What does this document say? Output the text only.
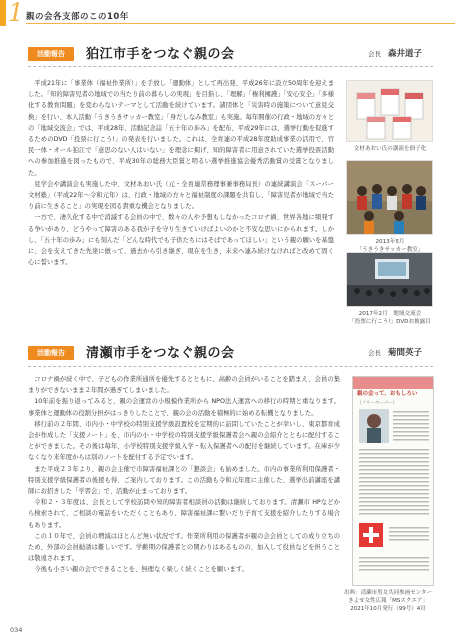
1 親の会各支部のこの10年
活動報告	狛江市手をつなぐ親の会	会長 森井道子

平成21年に「事業体（福祉作業所）」を手放し「運動体」として再出発、平成26年に設立50周年を迎えました。「知的障害児者の地域での当たり前の暮らしの実現」を目指し、「理解」「権利擁護」「安心安全」「多様化する教育問題」を変わらないテーマとして活動を続けています。諸団体と「災害時の施策について意見交換」を行い、本人活動「うきうきサッカー教室」「身だしなみ教室」も実施。毎年開催の行政・地域の方々との「地域交流会」では、平成28年、活動記念誌「五十年の歩み」を配布、平成29年には、選挙行動を促進するためのDVD「投票に行こう!」の発表を行いました。これは、全育連の平成28年度助成事業の活用で、官民一体・オール狛江で「意思のない人はいない」を理念に掲げ、知的障害者に用意されていた選挙投票活動への参加推進を図ったもので、平成30年の総務大臣賞と明るい選挙推進協会優秀活動賞の受賞となりました。

見学会や講演会も実施した中、文材あおい氏（元・全育連常務理事兼事務局長）の連続講演会「スーパー文材塾」（平成22年〜令和元年）は、行政・地域の方々と福祉制度の課題を共有し、「障害児者が地域で当たり前に生きること」の実現を図る貴重な機会となりました。

一方で、凄久化する中で消滅する会員の中で、数々の人や予想もしなかったコロナ禍、世界各地に頻発する争いがあり、どうやって障害のある我が子を守り生きていけばよいのかと不安な思いにかられます。しかし、「五十年の歩み」にも刻んだ「どんな時代でも子供たちにはそばであってほしい」という親の願いを基盤に、会を支えてきた先達に倣って、過去から引き継ぎ、現在を生き、未来へ連み続けなければと改めて固く心に誓います。

文材あおい氏の講演を冊子化
2013年5月
「うきうきサッカー教室」

2017年2月　地域交流会
「投票に行こう!」DVDお披露目
活動報告	清瀬市手をつなぐ親の会	会長 菊間英子

コロナ禍が続く中で、子どもの作業所通所を優先するとともに、高齢の会員がいることを踏まえ、会員の集まりができないまま２年間が過ぎてしまいました。

10年前を振り返ってみると、親の会運営の小規模作業所から NPO法人運営への移行の時期と重なります。事業体と運動体の役割分担がはっきりしたことで、親の会の活動を積極的に始める転機となりました。

移行前の２年間、市内小・中学校の特別支援学級設置校を定期的に訪問していたことが幸いし、東京都育成会が作成した「支援ノート」を、市内の小・中学校の特別支援学級保護者会へ親の会紹介とともに配付することができました。その後は毎年、小学校特別支援学級入学・転入保護者への配付を継続しています。在庫が少なくなり来年度からは別のノートを配付する予定でいます。

また平成２３年より、親の会主催で市障害福祉課との「懇談会」も始めました。市内の事業所利用保護者・特別支援学級保護者の後援も得、ご案内しております。この活動も令和元年度に主催した、選挙出前講座を講師にお招きした「学習会」で、活動が止まっております。

令和２・３年度は、会長として学校訪問や知的障害者相談員の活動は継続しております。清瀬市 HPなどから検索されて、ご相談の電話をいただくこともあり、障害福祉課に繋いだり子育て支援を紹介したりする場合もあります。

この１０年で、会員の増減はほとんど無い状況です。作業所利用の保護者が親の会会員としての成り立ちのため、外部の会員勧誘は難しいです。学齢期の保護者との関わりはあるものの、加入して役員などを担うことは敬遠されます。

今後も小さい親の会でできることを、無理なく楽しく続くことを願います。

親の会って、おもしろい
（フリーペーパー）
出典：清瀬市男女共同参画センター
きよせ女性広報「MSスクエア」
2021年10月発行（99号）4頁
034
